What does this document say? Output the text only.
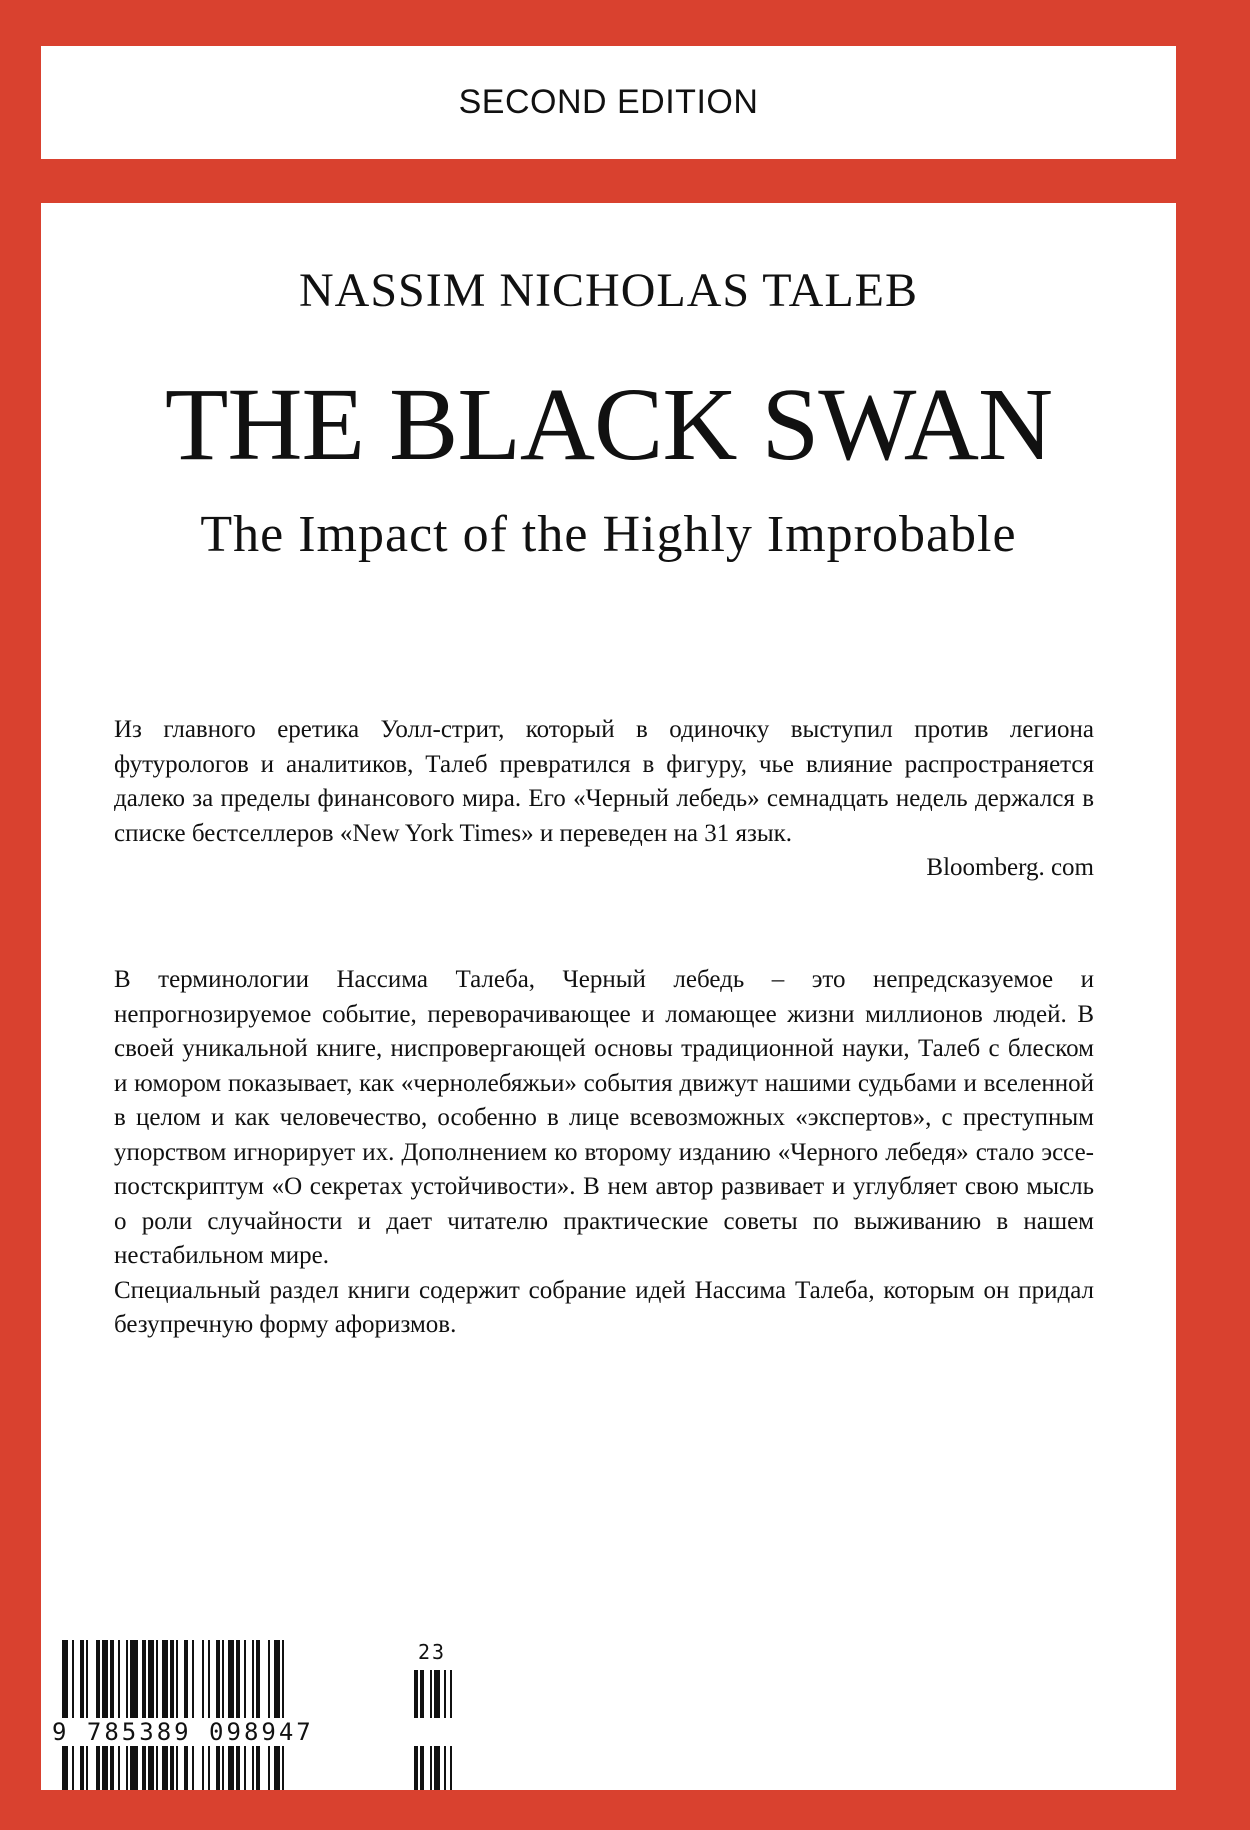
SECOND EDITION
NASSIM NICHOLAS TALEB
THE BLACK SWAN
The Impact of the Highly Improbable

Из главного еретика Уолл-стрит, который в одиночку выступил против легиона футурологов и аналитиков, Талеб превратился в фигуру, чье влияние распространяется далеко за пределы финансового мира. Его «Черный лебедь» семнадцать недель держался в списке бестселлеров «New York Times» и переведен на 31 язык.

Bloomberg. com

В терминологии Нассима Талеба, Черный лебедь – это непредсказуемое и непрогнозируемое событие, переворачивающее и ломающее жизни миллионов людей. В своей уникальной книге, ниспровергающей основы традиционной науки, Талеб с блеском и юмором показывает, как «чернолебяжьи» события движут нашими судьбами и вселенной в целом и как человечество, особенно в лице всевозможных «экспертов», с преступным упорством игнорирует их. Дополнением ко второму изданию «Черного лебедя» стало эссе-постскриптум «О секретах устойчивости». В нем автор развивает и углубляет свою мысль о роли случайности и дает читателю практические советы по выживанию в нашем нестабильном мире.

Специальный раздел книги содержит собрание идей Нассима Талеба, которым он придал безупречную форму афоризмов.

23
9 785389 098947
